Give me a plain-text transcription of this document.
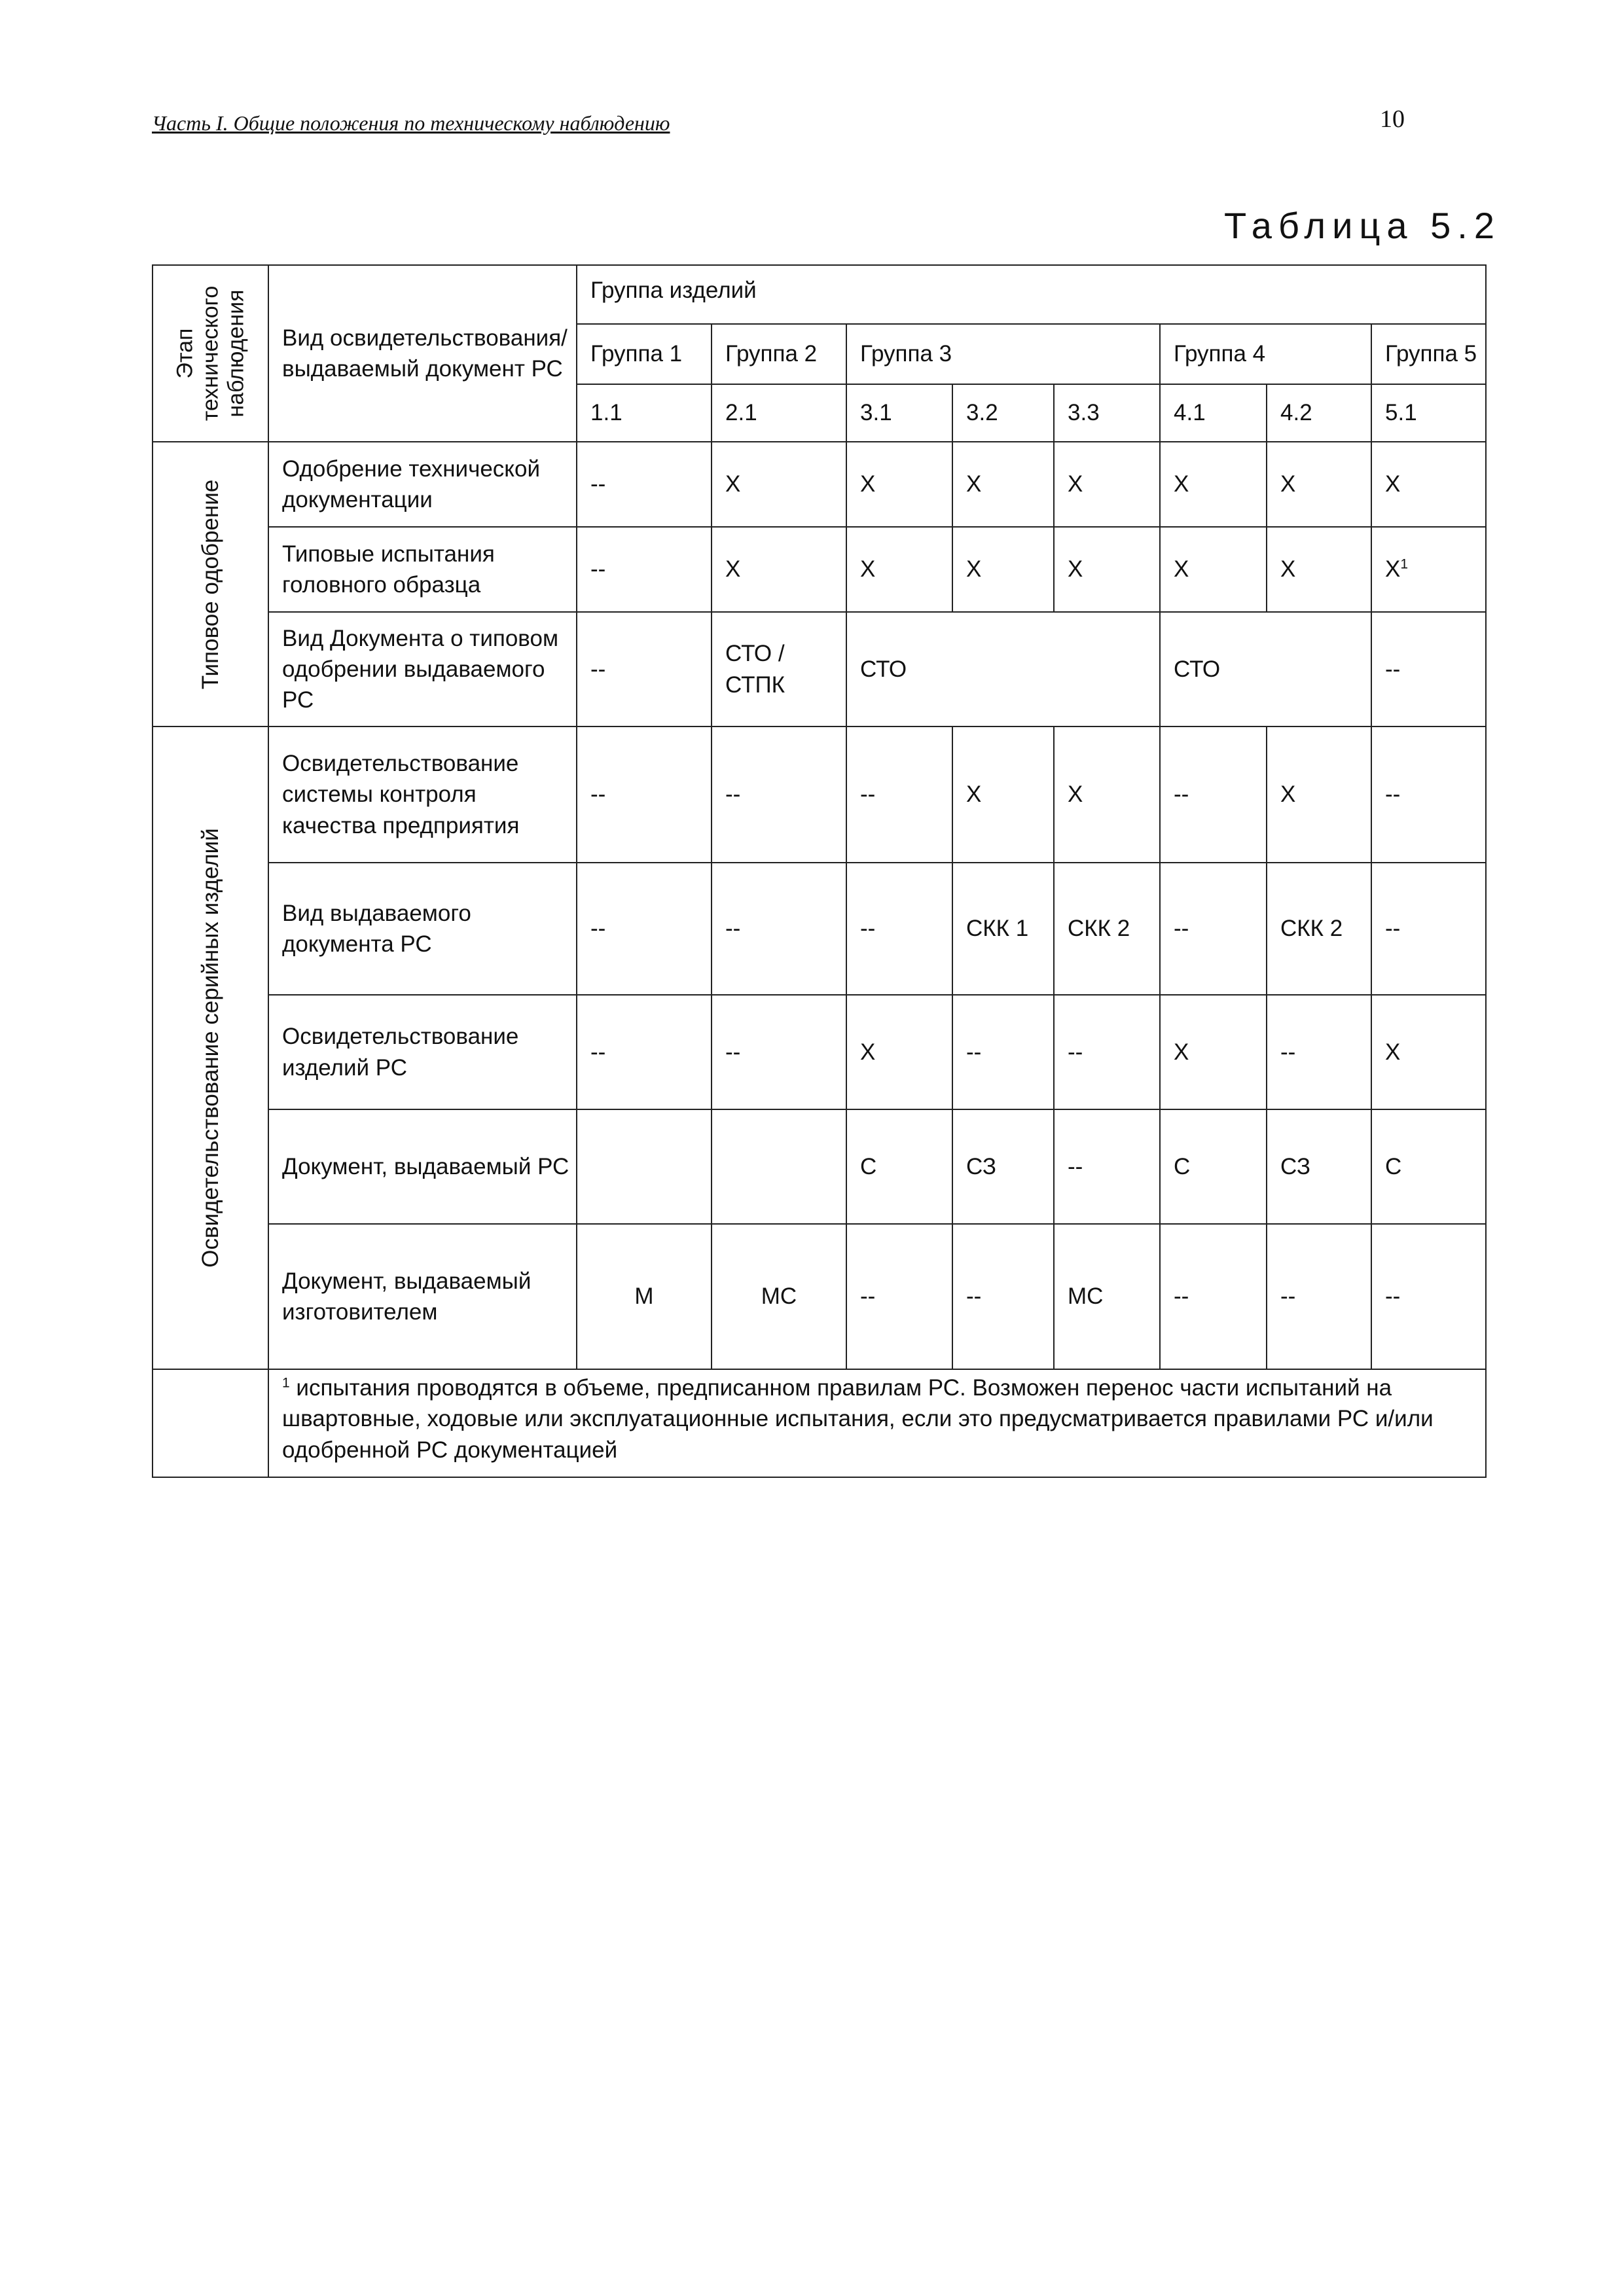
Часть I. Общие положения по техническому наблюдению	10
Таблица 5.2
Этап технического наблюдения	Вид освидетельствования/ выдаваемый документ РС	Группа изделий							
		Группа 1	Группа 2	Группа 3			Группа 4		Группа 5
		1.1	2.1	3.1	3.2	3.3	4.1	4.2	5.1

Типовое одобрение	Одобрение технической документации	--	X	X	X	X	X	X	X
	Типовые испытания головного образца	--	X	X	X	X	X	X	$X^1$
	Вид Документа о типовом одобрении выдаваемого РС	--	СТО / СТПК	СТО			СТО		--

Освидетельствование серийных изделий	Освидетельствование системы контроля качества предприятия	--	--	--	X	X	--	X	--
	Вид выдаваемого документа РС	--	--	--	СКК 1	СКК 2	--	СКК 2	--
	Освидетельствование изделий РС	--	--	X	--	--	X	--	X
	Документ, выдаваемый РС			С	СЗ	--	С	СЗ	С
	Документ, выдаваемый изготовителем	М	МС	--	--	МС	--	--	--
	$^1$ испытания проводятся в объеме, предписанном правилам РС. Возможен перенос части испытаний на швартовные, ходовые или эксплуатационные испытания, если это предусматривается правилами РС и/или одобренной РС документацией								
